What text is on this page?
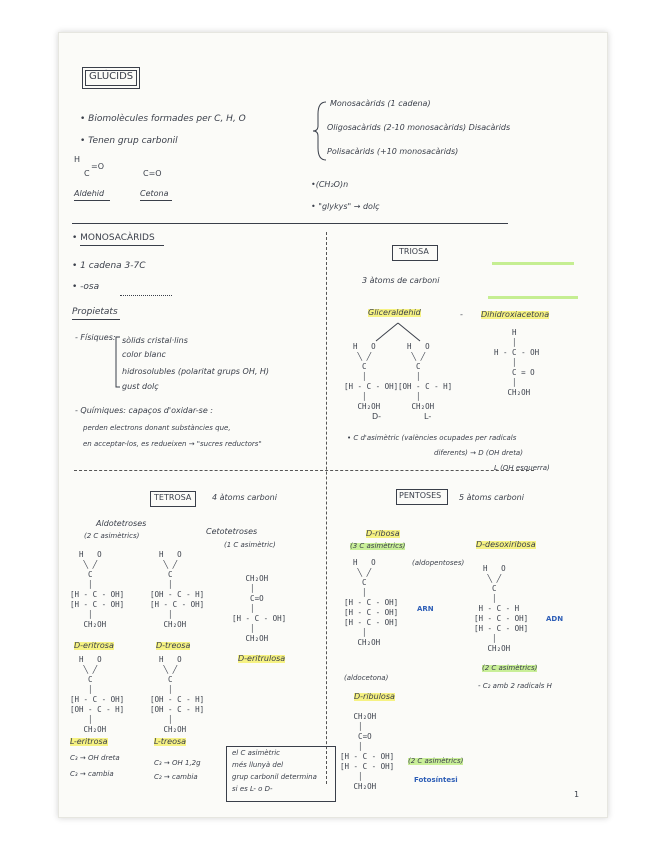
GLÚCIDS
• Biomolècules formades per C, H, O
• Tenen grup carbonil
H
C
=O
C=O
Aldehid	Cetona
Monosacàrids (1 cadena)
Oligosacàrids (2-10 monosacàrids) Disacàrids
Polisacàrids (+10 monosacàrids)
•(CH₂O)n
• "glykys" → dolç
• MONOSACÀRIDS
• 1 cadena 3-7C
• -osa
Propietats
- Físiques: sòlids cristal·lins
color blanc
hidrosolubles (polaritat grups OH, H)
gust dolç
- Químiques: capaços d'oxidar-se :
perden electrons donant substàncies que,
en acceptar-los, es redueixen → "sucres reductors"
TRIOSA
3 àtoms de carboni
Gliceraldehid	- Dihidroxiacetona
H   O
╲ ╱
C
│
[H - C - OH]
│
CH₂OH
H   O
╲ ╱
C
│
[OH - C - H]
│
CH₂OH
H
│
H - C - OH
│
C = O
│
CH₂OH
D-	L-
• C d'asimètric (valències ocupades per radicals
diferents) → D (OH dreta)
L (OH esquerra)
TETROSA	4 àtoms carboni
Aldotetroses
(2 C asimètrics)	Cetotetroses
(1 C asimètric)
H   O
╲ ╱
C
│
[H - C - OH]
[H - C - OH]
│
CH₂OH
H   O
╲ ╱
C
│
[OH - C - H]
[H - C - OH]
│
CH₂OH
CH₂OH
│
C=O
│
[H - C - OH]
│
CH₂OH
D-eritrosa	D-treosa
D-eritrulosa
H   O
╲ ╱
C
│
[H - C - OH]
[OH - C - H]
│
CH₂OH
H   O
╲ ╱
C
│
[OH - C - H]
[OH - C - H]
│
CH₂OH
L-eritrosa	L-treosa
C₃ → OH dreta
C₃ → cambia
C₃ → OH 1,2g
C₂ → cambia
el C asimètric
més llunyà del
grup carbonil determina
si es L- o D-
PENTOSES 5 àtoms carboni
D-ribosa
(3 C asimètrics)
(aldopentoses)
D-desoxiribosa
H   O
╲ ╱
C
│
[H - C - OH]
[H - C - OH]
[H - C - OH]
│
CH₂OH
H   O
╲ ╱
C
│
H - C - H
[H - C - OH]
[H - C - OH]
│
CH₂OH
ARN
ADN
(2 C asimètrics)
- C₂ amb 2 radicals H
(aldocetona)
D-ribulosa
CH₂OH
│
C=O
│
[H - C - OH]
[H - C - OH]
│
CH₂OH
(2 C asimètrics)
Fotosíntesi
1
